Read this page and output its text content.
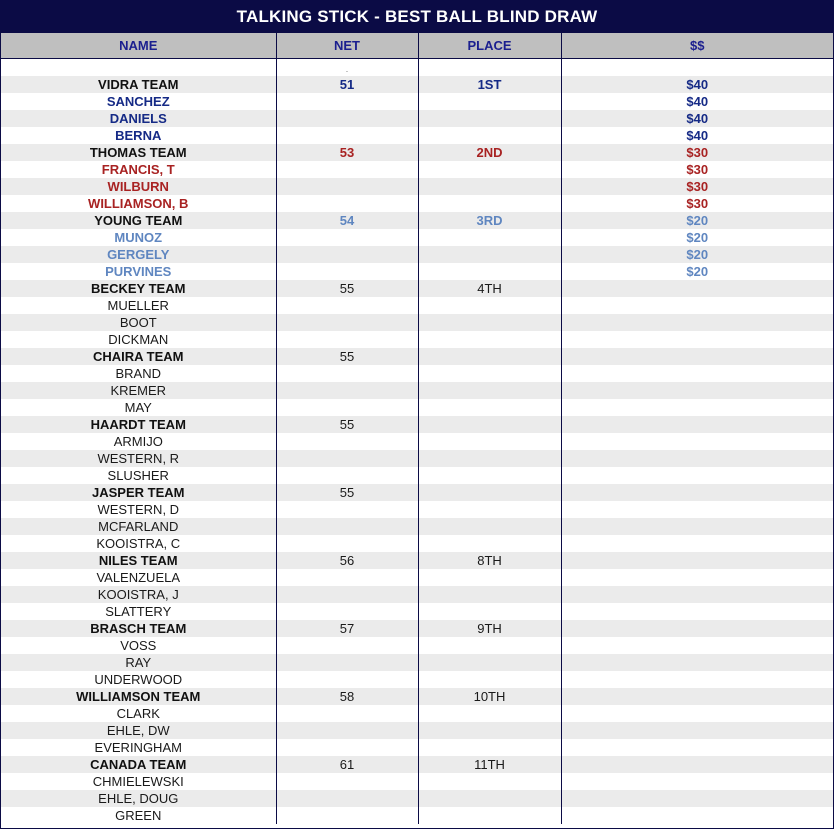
TALKING STICK - BEST BALL BLIND DRAW
NAME	NET	PLACE	$$
	.		
VIDRA TEAM	51	1ST	$40
SANCHEZ			$40
DANIELS			$40
BERNA			$40
THOMAS TEAM	53	2ND	$30
FRANCIS, T			$30
WILBURN			$30
WILLIAMSON, B			$30
YOUNG TEAM	54	3RD	$20
MUNOZ			$20
GERGELY			$20
PURVINES			$20
BECKEY TEAM	55	4TH	
MUELLER			
BOOT			
DICKMAN			
CHAIRA TEAM	55		
BRAND			
KREMER			
MAY			
HAARDT TEAM	55		
ARMIJO			
WESTERN, R			
SLUSHER			
JASPER TEAM	55		
WESTERN, D			
MCFARLAND			
KOOISTRA, C			
NILES TEAM	56	8TH	
VALENZUELA			
KOOISTRA, J			
SLATTERY			
BRASCH TEAM	57	9TH	
VOSS			
RAY			
UNDERWOOD			
WILLIAMSON TEAM	58	10TH	
CLARK			
EHLE, DW			
EVERINGHAM			
CANADA TEAM	61	11TH	
CHMIELEWSKI			
EHLE, DOUG			
GREEN			
